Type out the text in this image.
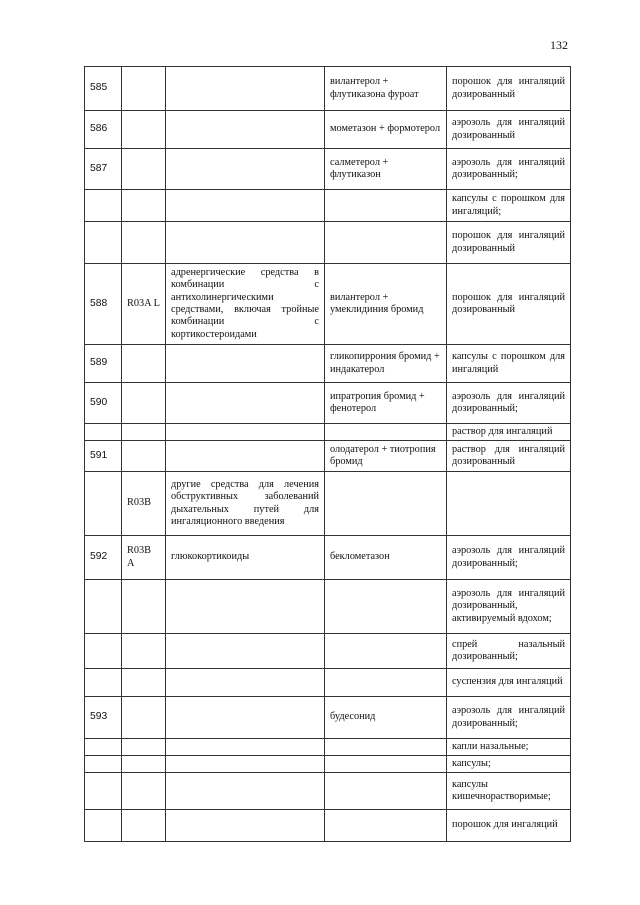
132
585			вилантерол + флутиказона фуроат	порошок для ингаляций дозированный
586			мометазон + формотерол	аэрозоль для ингаляций дозированный
587			салметерол + флутиказон	аэрозоль для ингаляций дозированный;
				капсулы с порошком для ингаляций;
				порошок для ингаляций дозированный
588	R03A L	адренергические средства в комбинации с антихолинергическими средствами, включая тройные комбинации с кортикостероидами	вилантерол + умеклидиния бромид	порошок для ингаляций дозированный
589			гликопиррония бромид + индакатерол	капсулы с порошком для ингаляций
590			ипратропия бромид + фенотерол	аэрозоль для ингаляций дозированный;
				раствор для ингаляций
591			олодатерол + тиотропия бромид	раствор для ингаляций дозированный
	R03B	другие средства для лечения обструктивных заболеваний дыхательных путей для ингаляционного введения		
592	R03B A	глюкокортикоиды	беклометазон	аэрозоль для ингаляций дозированный;
				аэрозоль для ингаляций дозированный, активируемый вдохом;
				спрей назальный дозированный;
				суспензия для ингаляций
593			будесонид	аэрозоль для ингаляций дозированный;
				капли назальные;
				капсулы;
				капсулы кишечнорастворимые;
				порошок для ингаляций
